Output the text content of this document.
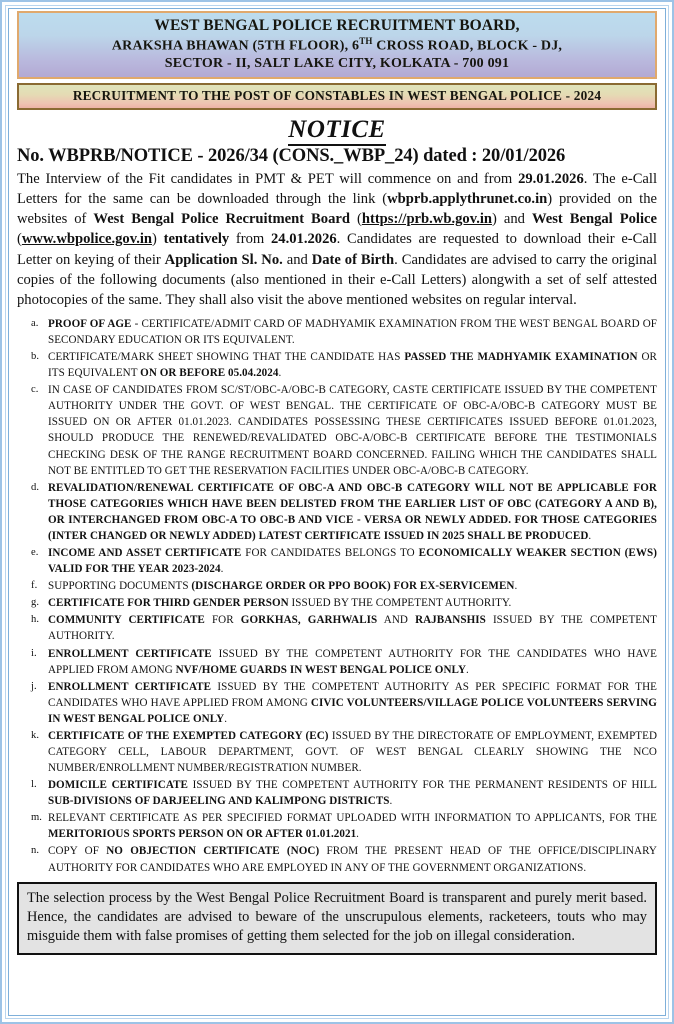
WEST BENGAL POLICE RECRUITMENT BOARD,
ARAKSHA BHAWAN (5TH FLOOR), 6TH CROSS ROAD, BLOCK - DJ,
SECTOR - II, SALT LAKE CITY, KOLKATA - 700 091
RECRUITMENT TO THE POST OF CONSTABLES IN WEST BENGAL POLICE - 2024
NOTICE
No. WBPRB/NOTICE - 2026/34 (CONS._WBP_24) dated : 20/01/2026

The Interview of the Fit candidates in PMT & PET will commence on and from 29.01.2026. The e-Call Letters for the same can be downloaded through the link (wbprb.applythrunet.co.in) provided on the websites of West Bengal Police Recruitment Board (https://prb.wb.gov.in) and West Bengal Police (www.wbpolice.gov.in) tentatively from 24.01.2026. Candidates are requested to download their e-Call Letter on keying of their Application Sl. No. and Date of Birth. Candidates are advised to carry the original copies of the following documents (also mentioned in their e-Call Letters) alongwith a set of self attested photocopies of the same. They shall also visit the above mentioned websites on regular interval.

PROOF OF AGE - CERTIFICATE/ADMIT CARD OF MADHYAMIK EXAMINATION FROM THE WEST BENGAL BOARD OF SECONDARY EDUCATION OR ITS EQUIVALENT.
CERTIFICATE/MARK SHEET SHOWING THAT THE CANDIDATE HAS PASSED THE MADHYAMIK EXAMINATION OR ITS EQUIVALENT ON OR BEFORE 05.04.2024.
IN CASE OF CANDIDATES FROM SC/ST/OBC-A/OBC-B CATEGORY, CASTE CERTIFICATE ISSUED BY THE COMPETENT AUTHORITY UNDER THE GOVT. OF WEST BENGAL. THE CERTIFICATE OF OBC-A/OBC-B CATEGORY MUST BE ISSUED ON OR AFTER 01.01.2023. CANDIDATES POSSESSING THESE CERTIFICATES ISSUED BEFORE 01.01.2023, SHOULD PRODUCE THE RENEWED/REVALIDATED OBC-A/OBC-B CERTIFICATE BEFORE THE TESTIMONIALS CHECKING DESK OF THE RANGE RECRUITMENT BOARD CONCERNED. FAILING WHICH THE CANDIDATES SHALL NOT BE ENTITLED TO GET THE RESERVATION FACILITIES UNDER OBC-A/OBC-B CATEGORY.
REVALIDATION/RENEWAL CERTIFICATE OF OBC-A AND OBC-B CATEGORY WILL NOT BE APPLICABLE FOR THOSE CATEGORIES WHICH HAVE BEEN DELISTED FROM THE EARLIER LIST OF OBC (CATEGORY A AND B), OR INTERCHANGED FROM OBC-A TO OBC-B AND VICE - VERSA OR NEWLY ADDED. FOR THOSE CATEGORIES (INTER CHANGED OR NEWLY ADDED) LATEST CERTIFICATE ISSUED IN 2025 SHALL BE PRODUCED.
INCOME AND ASSET CERTIFICATE FOR CANDIDATES BELONGS TO ECONOMICALLY WEAKER SECTION (EWS) VALID FOR THE YEAR 2023-2024.
SUPPORTING DOCUMENTS (DISCHARGE ORDER OR PPO BOOK) FOR EX-SERVICEMEN.
CERTIFICATE FOR THIRD GENDER PERSON ISSUED BY THE COMPETENT AUTHORITY.
COMMUNITY CERTIFICATE FOR GORKHAS, GARHWALIS AND RAJBANSHIS ISSUED BY THE COMPETENT AUTHORITY.
ENROLLMENT CERTIFICATE ISSUED BY THE COMPETENT AUTHORITY FOR THE CANDIDATES WHO HAVE APPLIED FROM AMONG NVF/HOME GUARDS IN WEST BENGAL POLICE ONLY.
ENROLLMENT CERTIFICATE ISSUED BY THE COMPETENT AUTHORITY AS PER SPECIFIC FORMAT FOR THE CANDIDATES WHO HAVE APPLIED FROM AMONG CIVIC VOLUNTEERS/VILLAGE POLICE VOLUNTEERS SERVING IN WEST BENGAL POLICE ONLY.
CERTIFICATE OF THE EXEMPTED CATEGORY (EC) ISSUED BY THE DIRECTORATE OF EMPLOYMENT, EXEMPTED CATEGORY CELL, LABOUR DEPARTMENT, GOVT. OF WEST BENGAL CLEARLY SHOWING THE NCO NUMBER/ENROLLMENT NUMBER/REGISTRATION NUMBER.
DOMICILE CERTIFICATE ISSUED BY THE COMPETENT AUTHORITY FOR THE PERMANENT RESIDENTS OF HILL SUB-DIVISIONS OF DARJEELING AND KALIMPONG DISTRICTS.
RELEVANT CERTIFICATE AS PER SPECIFIED FORMAT UPLOADED WITH INFORMATION TO APPLICANTS, FOR THE MERITORIOUS SPORTS PERSON ON OR AFTER 01.01.2021.
COPY OF NO OBJECTION CERTIFICATE (NOC) FROM THE PRESENT HEAD OF THE OFFICE/DISCIPLINARY AUTHORITY FOR CANDIDATES WHO ARE EMPLOYED IN ANY OF THE GOVERNMENT ORGANIZATIONS.
The selection process by the West Bengal Police Recruitment Board is transparent and purely merit based. Hence, the candidates are advised to beware of the unscrupulous elements, racketeers, touts who may misguide them with false promises of getting them selected for the job on illegal consideration.
